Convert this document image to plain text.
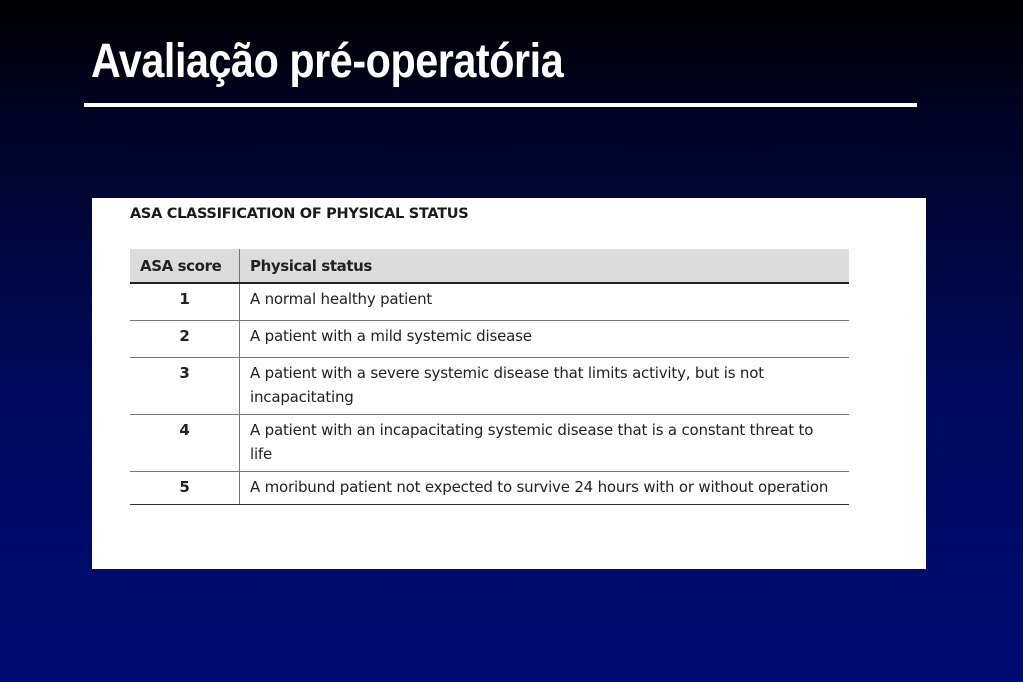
Avaliação pré-operatória
ASA CLASSIFICATION OF PHYSICAL STATUS
ASA score	Physical status
1	A normal healthy patient
2	A patient with a mild systemic disease
3	A patient with a severe systemic disease that limits activity, but is not incapacitating
4	A patient with an incapacitating systemic disease that is a constant threat to life
5	A moribund patient not expected to survive 24 hours with or without operation
